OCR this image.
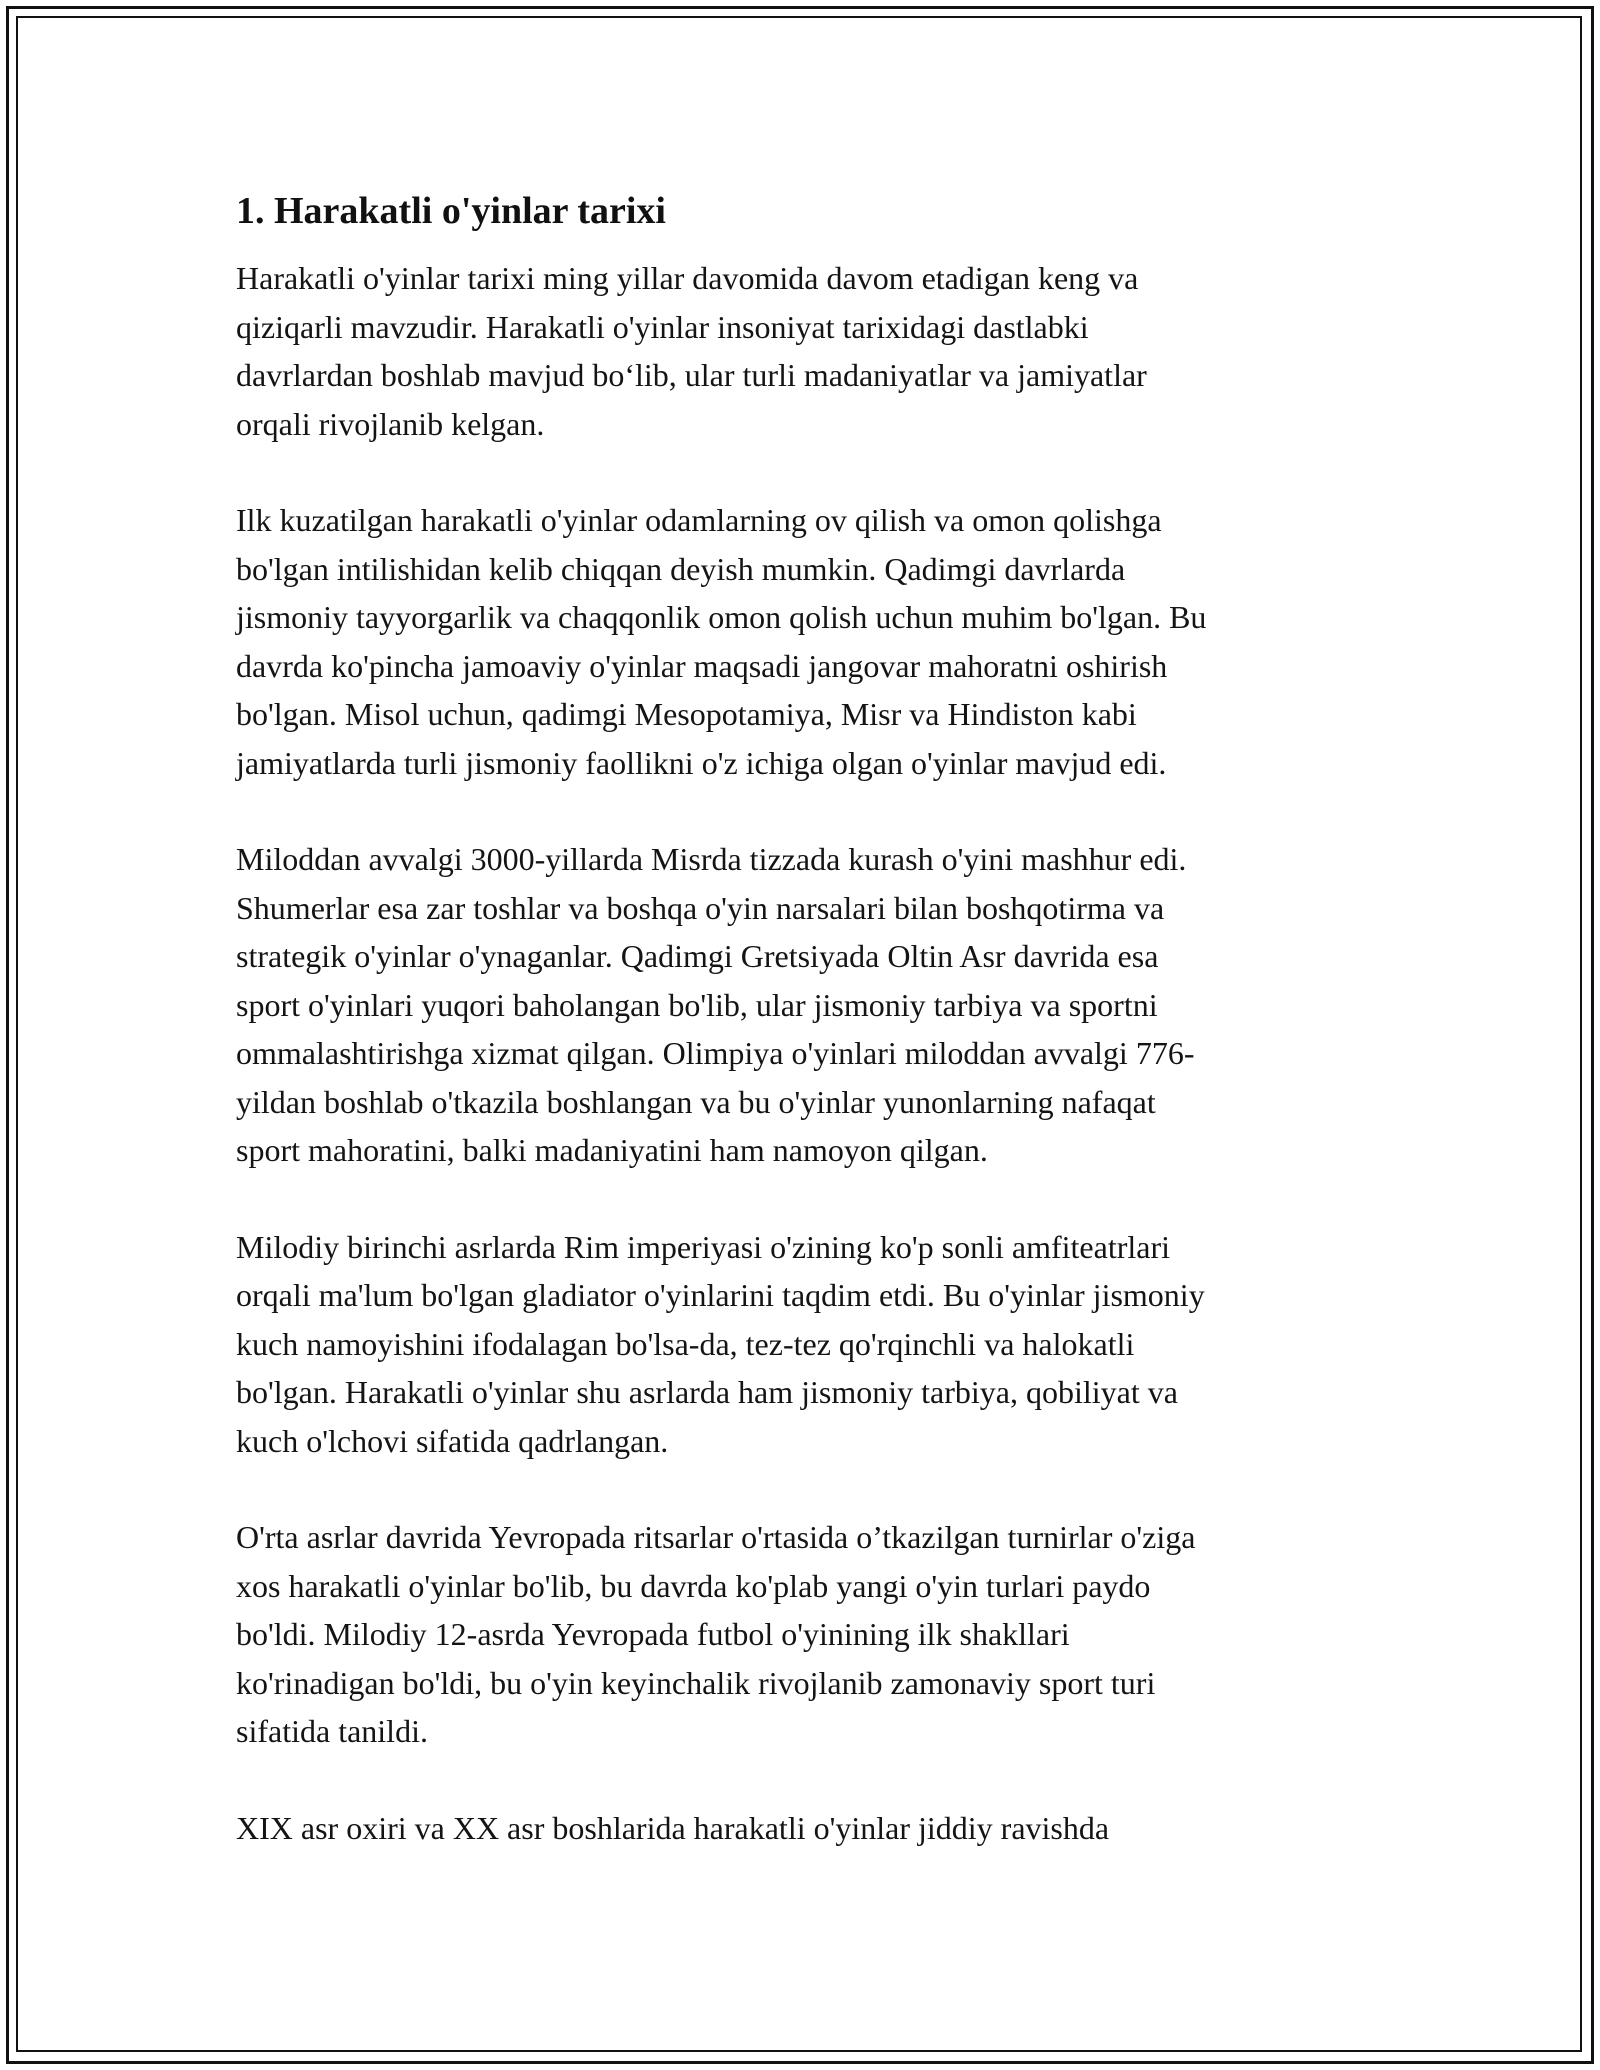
1. Harakatli o'yinlar tarixi

Harakatli o'yinlar tarixi ming yillar davomida davom etadigan keng va
qiziqarli mavzudir. Harakatli o'yinlar insoniyat tarixidagi dastlabki
davrlardan boshlab mavjud bo‘lib, ular turli madaniyatlar va jamiyatlar
orqali rivojlanib kelgan.

Ilk kuzatilgan harakatli o'yinlar odamlarning ov qilish va omon qolishga
bo'lgan intilishidan kelib chiqqan deyish mumkin. Qadimgi davrlarda
jismoniy tayyorgarlik va chaqqonlik omon qolish uchun muhim bo'lgan. Bu
davrda ko'pincha jamoaviy o'yinlar maqsadi jangovar mahoratni oshirish
bo'lgan. Misol uchun, qadimgi Mesopotamiya, Misr va Hindiston kabi
jamiyatlarda turli jismoniy faollikni o'z ichiga olgan o'yinlar mavjud edi.

Miloddan avvalgi 3000-yillarda Misrda tizzada kurash o'yini mashhur edi.
Shumerlar esa zar toshlar va boshqa o'yin narsalari bilan boshqotirma va
strategik o'yinlar o'ynaganlar. Qadimgi Gretsiyada Oltin Asr davrida esa
sport o'yinlari yuqori baholangan bo'lib, ular jismoniy tarbiya va sportni
ommalashtirishga xizmat qilgan. Olimpiya o'yinlari miloddan avvalgi 776-
yildan boshlab o'tkazila boshlangan va bu o'yinlar yunonlarning nafaqat
sport mahoratini, balki madaniyatini ham namoyon qilgan.

Milodiy birinchi asrlarda Rim imperiyasi o'zining ko'p sonli amfiteatrlari
orqali ma'lum bo'lgan gladiator o'yinlarini taqdim etdi. Bu o'yinlar jismoniy
kuch namoyishini ifodalagan bo'lsa-da, tez-tez qo'rqinchli va halokatli
bo'lgan. Harakatli o'yinlar shu asrlarda ham jismoniy tarbiya, qobiliyat va
kuch o'lchovi sifatida qadrlangan.

O'rta asrlar davrida Yevropada ritsarlar o'rtasida o’tkazilgan turnirlar o'ziga
xos harakatli o'yinlar bo'lib, bu davrda ko'plab yangi o'yin turlari paydo
bo'ldi. Milodiy 12-asrda Yevropada futbol o'yinining ilk shakllari
ko'rinadigan bo'ldi, bu o'yin keyinchalik rivojlanib zamonaviy sport turi
sifatida tanildi.

XIX asr oxiri va XX asr boshlarida harakatli o'yinlar jiddiy ravishda
